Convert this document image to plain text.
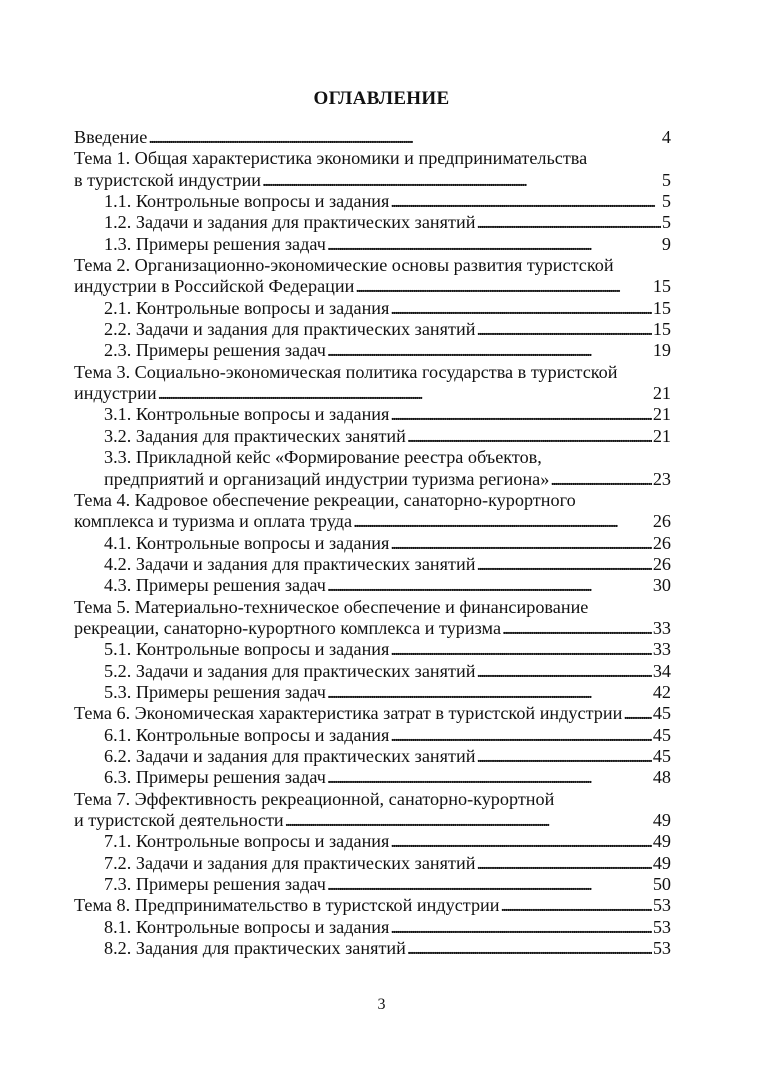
ОГЛАВЛЕНИЕ
Введение . . .	4
Тема 1. Общая характеристика экономики и предпринимательства
в туристской индустрии . . .	5
1.1. Контрольные вопросы и задания . . .	5
1.2. Задачи и задания для практических занятий . . .	5
1.3. Примеры решения задач . . .	9
Тема 2. Организационно-экономические основы развития туристской
индустрии в Российской Федерации . . .	15
2.1. Контрольные вопросы и задания . . .	15
2.2. Задачи и задания для практических занятий . . .	15
2.3. Примеры решения задач . . .	19
Тема 3. Социально-экономическая политика государства в туристской
индустрии . . .	21
3.1. Контрольные вопросы и задания . . .	21
3.2. Задания для практических занятий . . .	21
3.3. Прикладной кейс «Формирование реестра объектов,
предприятий и организаций индустрии туризма региона» . . .	23
Тема 4. Кадровое обеспечение рекреации, санаторно-курортного
комплекса и туризма и оплата труда . . .	26
4.1. Контрольные вопросы и задания . . .	26
4.2. Задачи и задания для практических занятий . . .	26
4.3. Примеры решения задач . . .	30
Тема 5. Материально-техническое обеспечение и финансирование
рекреации, санаторно-курортного комплекса и туризма . . .	33
5.1. Контрольные вопросы и задания . . .	33
5.2. Задачи и задания для практических занятий . . .	34
5.3. Примеры решения задач . . .	42
Тема 6. Экономическая характеристика затрат в туристской индустрии . . . 45
6.1. Контрольные вопросы и задания . . .	45
6.2. Задачи и задания для практических занятий . . .	45
6.3. Примеры решения задач . . .	48
Тема 7. Эффективность рекреационной, санаторно-курортной
и туристской деятельности . . .	49
7.1. Контрольные вопросы и задания . . .	49
7.2. Задачи и задания для практических занятий . . .	49
7.3. Примеры решения задач . . .	50
Тема 8. Предпринимательство в туристской индустрии . . .	53
8.1. Контрольные вопросы и задания . . .	53
8.2. Задания для практических занятий . . .	53
3
